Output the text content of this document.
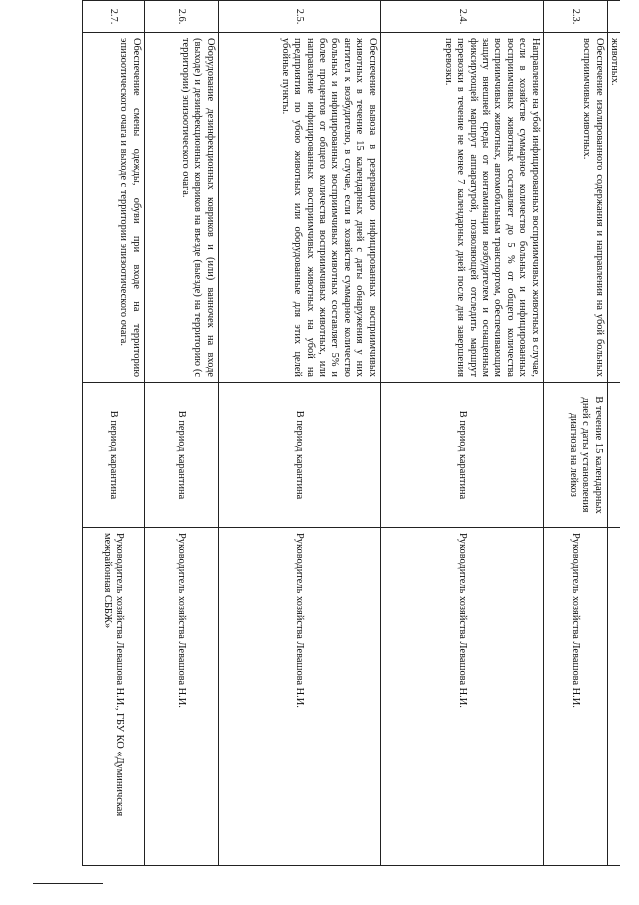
	животных.		
2.3.	Обеспечение изолированного содержания и направления на убой больных восприимчивых животных.	В течение 15 календарных дней с даты установления диагноза на лейкоз	Руководитель хозяйства Левашова Н.И.
2.4.	Направление на убой инфицированных восприимчивых животных в случае, если в хозяйстве суммарное количество больных и инфицированных восприимчивых животных составляет до 5 % от общего количества восприимчивых животных, автомобильным транспортом, обеспечивающим защиту внешней среды от контаминации возбудителем и оснащенным фиксирующей маршрут аппаратурой, позволяющей отследить маршрут перевозки в течение не менее 7 календарных дней после дня завершения перевозки.	В период карантина	Руководитель хозяйства Левашова Н.И.
2.5.	Обеспечение вывоза в резервацию инфицированных восприимчивых животных в течение 15 календарных дней с даты обнаружения у них антител к возбудителю, в случае, если в хозяйстве суммарное количество больных и инфицированных восприимчивых животных составляет 5% и более процентов от общего количества восприимчивых животных, или направление инфицированных восприимчивых животных на убой на предприятия по убою животных или оборудованные для этих целей убойные пункты.	В период карантина	Руководитель хозяйства Левашова Н.И.
2.6.	Оборудование дезинфекционных ковриков и (или) ванночек на входе (выходе) и дезинфекционных ковриков на въезде (выезде) на территорию (с территории) эпизоотического очага.	В период карантина	Руководитель хозяйства Левашова Н.И.
2.7.	Обеспечение смены одежды, обуви при входе на территорию эпизоотического очага и выходе с территории эпизоотического очага.	В период карантина	Руководитель хозяйства Левашова Н.И., ГБУ КО «Думиничская межрайонная СББЖ»
